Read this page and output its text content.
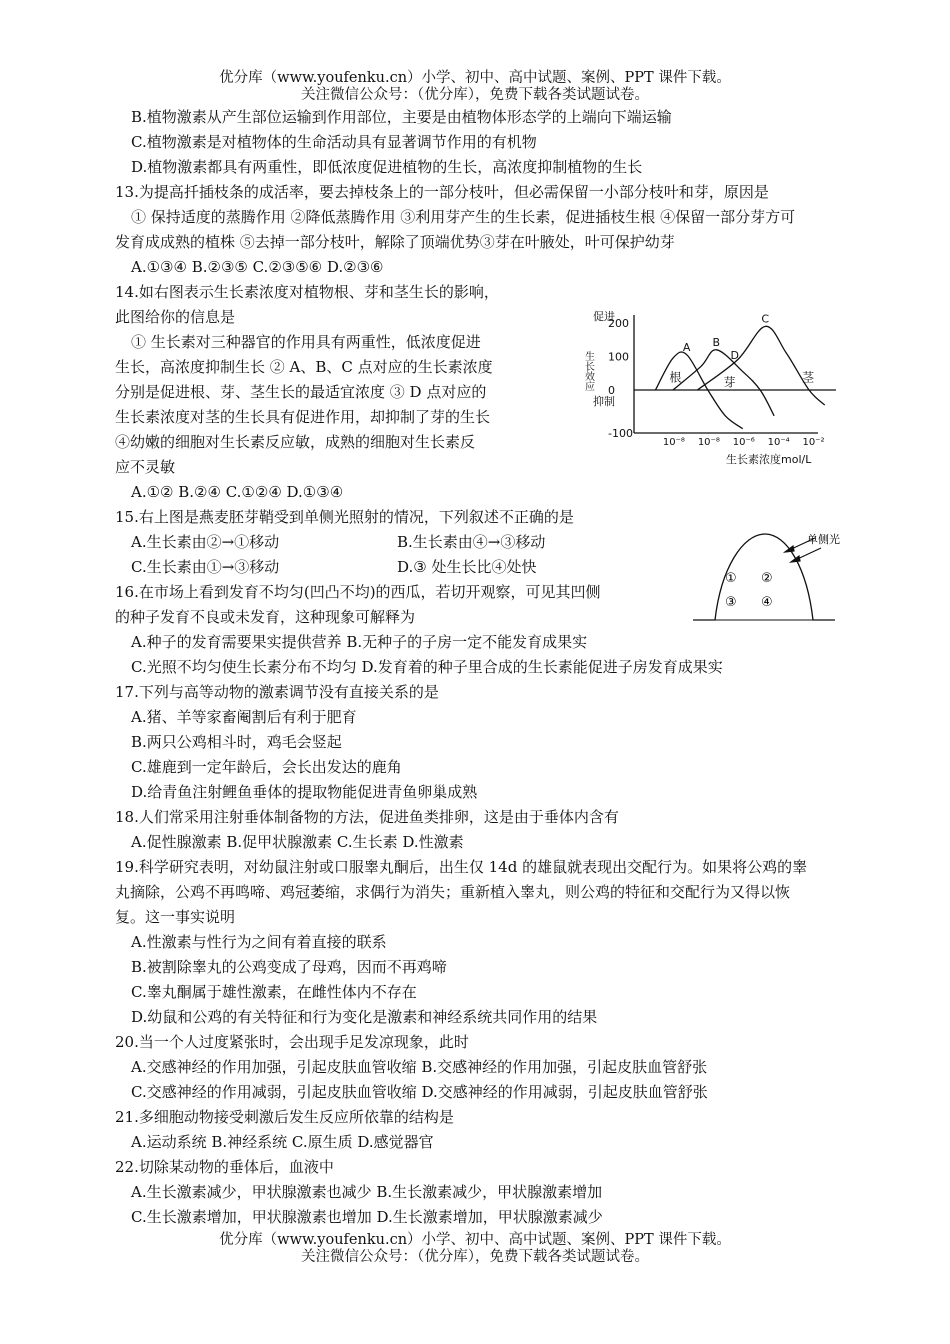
优分库（www.youfenku.cn）小学、初中、高中试题、案例、PPT 课件下载。
关注微信公众号：（优分库），免费下载各类试题试卷。
B.植物激素从产生部位运输到作用部位，主要是由植物体形态学的上端向下端运输
C.植物激素是对植物体的生命活动具有显著调节作用的有机物
D.植物激素都具有两重性，即低浓度促进植物的生长，高浓度抑制植物的生长
13.为提高扦插枝条的成活率，要去掉枝条上的一部分枝叶，但必需保留一小部分枝叶和芽，原因是
① 保持适度的蒸腾作用 ②降低蒸腾作用 ③利用芽产生的生长素，促进插枝生根 ④保留一部分芽方可
发育成成熟的植株 ⑤去掉一部分枝叶，解除了顶端优势③芽在叶腋处，叶可保护幼芽
A.①③④ B.②③⑤ C.②③⑤⑥ D.②③⑥
14.如右图表示生长素浓度对植物根、芽和茎生长的影响，
此图给你的信息是
① 生长素对三种器官的作用具有两重性，低浓度促进
生长，高浓度抑制生长 ② A、B、C 点对应的生长素浓度
分别是促进根、芽、茎生长的最适宜浓度 ③ D 点对应的
生长素浓度对茎的生长具有促进作用，却抑制了芽的生长
④幼嫩的细胞对生长素反应敏，成熟的细胞对生长素反
应不灵敏
A.①② B.②④ C.①②④ D.①③④
15.右上图是燕麦胚芽鞘受到单侧光照射的情况，下列叙述不正确的是
A.生长素由②→①移动	B.生长素由④→③移动
C.生长素由①→③移动	D.③ 处生长比④处快
16.在市场上看到发育不均匀(凹凸不均)的西瓜，若切开观察，可见其凹侧
的种子发育不良或未发育，这种现象可解释为
A.种子的发育需要果实提供营养 B.无种子的子房一定不能发育成果实
C.光照不均匀使生长素分布不均匀 D.发育着的种子里合成的生长素能促进子房发育成果实
17.下列与高等动物的激素调节没有直接关系的是
A.猪、羊等家畜阉割后有利于肥育
B.两只公鸡相斗时，鸡毛会竖起
C.雄鹿到一定年龄后，会长出发达的鹿角
D.给青鱼注射鲤鱼垂体的提取物能促进青鱼卵巢成熟
18.人们常采用注射垂体制备物的方法，促进鱼类排卵，这是由于垂体内含有
A.促性腺激素 B.促甲状腺激素 C.生长素 D.性激素
19.科学研究表明，对幼鼠注射或口服睾丸酮后，出生仅 14d 的雄鼠就表现出交配行为。如果将公鸡的睾
丸摘除，公鸡不再鸣啼、鸡冠萎缩，求偶行为消失；重新植入睾丸，则公鸡的特征和交配行为又得以恢
复。这一事实说明
A.性激素与性行为之间有着直接的联系
B.被割除睾丸的公鸡变成了母鸡，因而不再鸡啼
C.睾丸酮属于雄性激素，在雌性体内不存在
D.幼鼠和公鸡的有关特征和行为变化是激素和神经系统共同作用的结果
20.当一个人过度紧张时，会出现手足发凉现象，此时
A.交感神经的作用加强，引起皮肤血管收缩 B.交感神经的作用加强，引起皮肤血管舒张
C.交感神经的作用减弱，引起皮肤血管收缩 D.交感神经的作用减弱，引起皮肤血管舒张
21.多细胞动物接受刺激后发生反应所依靠的结构是
A.运动系统 B.神经系统 C.原生质 D.感觉器官
22.切除某动物的垂体后，血液中
A.生长激素减少，甲状腺激素也减少 B.生长激素减少，甲状腺激素增加
C.生长激素增加，甲状腺激素也增加 D.生长激素增加，甲状腺激素减少
优分库（www.youfenku.cn）小学、初中、高中试题、案例、PPT 课件下载。
关注微信公众号：（优分库），免费下载各类试题试卷。
A B
C
根	芽	茎
D
200
100
0
-100
10⁻⁸ 10⁻⁸ 10⁻⁶ 10⁻⁴ 10⁻²
生长素浓度mol/L
促进
生长效应
抑制
单侧光
① ②
③ ④
